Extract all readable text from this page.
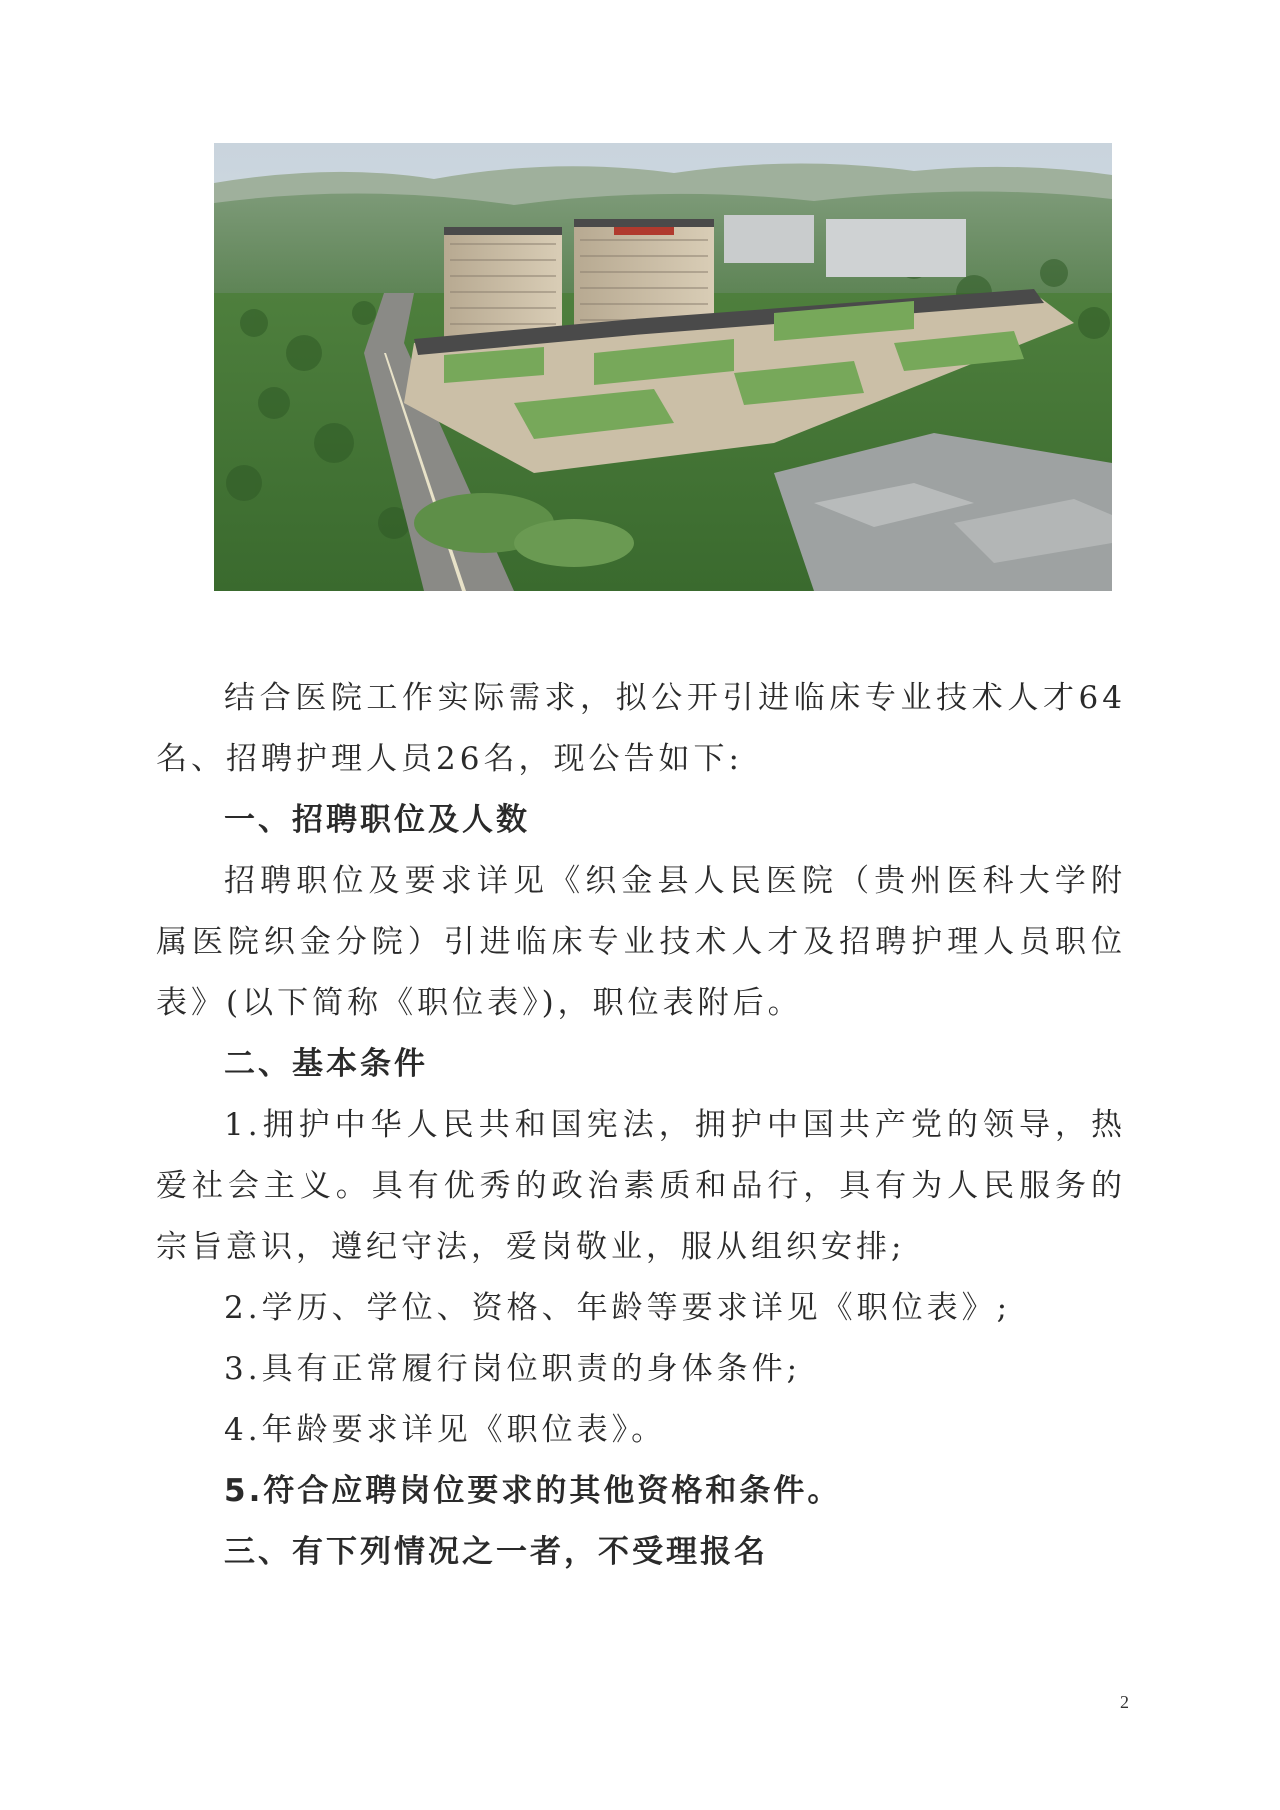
结合医院工作实际需求，拟公开引进临床专业技术人才64名、招聘护理人员26名，现公告如下:

一、招聘职位及人数

招聘职位及要求详见《织金县人民医院（贵州医科大学附属医院织金分院）引进临床专业技术人才及招聘护理人员职位表》(以下简称《职位表》)，职位表附后。

二、基本条件

1.拥护中华人民共和国宪法，拥护中国共产党的领导，热爱社会主义。具有优秀的政治素质和品行，具有为人民服务的宗旨意识，遵纪守法，爱岗敬业，服从组织安排;

2.学历、学位、资格、年龄等要求详见《职位表》;

3.具有正常履行岗位职责的身体条件;

4.年龄要求详见《职位表》。

5.符合应聘岗位要求的其他资格和条件。

三、有下列情况之一者，不受理报名

2
